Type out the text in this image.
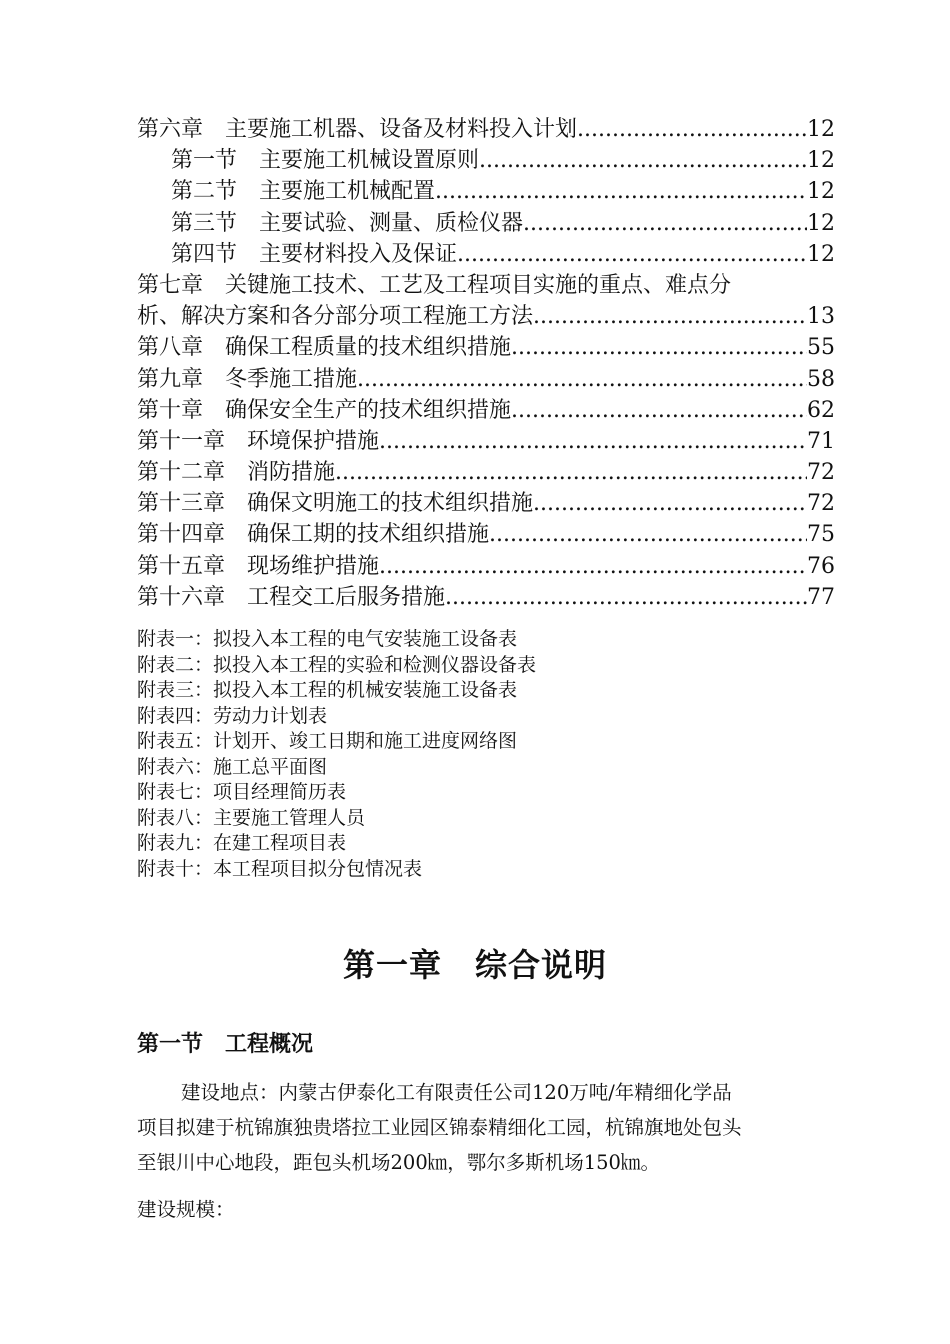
第六章　主要施工机器、设备及材料投入计划 .....	12
第一节　主要施工机械设置原则 .....	12
第二节　主要施工机械配置 .....	12
第三节　主要试验、测量、质检仪器 .....	12
第四节　主要材料投入及保证 .....	12
第七章　关键施工技术、工艺及工程项目实施的重点、难点分
析、解决方案和各分部分项工程施工方法 .....	13
第八章　确保工程质量的技术组织措施 .....	55
第九章　冬季施工措施 .....	58
第十章　确保安全生产的技术组织措施 .....	62
第十一章　环境保护措施 .....	71
第十二章　消防措施 .....	72
第十三章　确保文明施工的技术组织措施 .....	72
第十四章　确保工期的技术组织措施 .....	75
第十五章　现场维护措施 .....	76
第十六章　工程交工后服务措施 .....	77
附表一：拟投入本工程的电气安装施工设备表
附表二：拟投入本工程的实验和检测仪器设备表
附表三：拟投入本工程的机械安装施工设备表
附表四：劳动力计划表
附表五：计划开、竣工日期和施工进度网络图
附表六：施工总平面图
附表七：项目经理简历表
附表八：主要施工管理人员
附表九：在建工程项目表
附表十：本工程项目拟分包情况表
第一章　综合说明
第一节　工程概况
建设地点：内蒙古伊泰化工有限责任公司120万吨/年精细化学品
项目拟建于杭锦旗独贵塔拉工业园区锦泰精细化工园，杭锦旗地处包头
至银川中心地段，距包头机场200㎞，鄂尔多斯机场150㎞。
建设规模：
